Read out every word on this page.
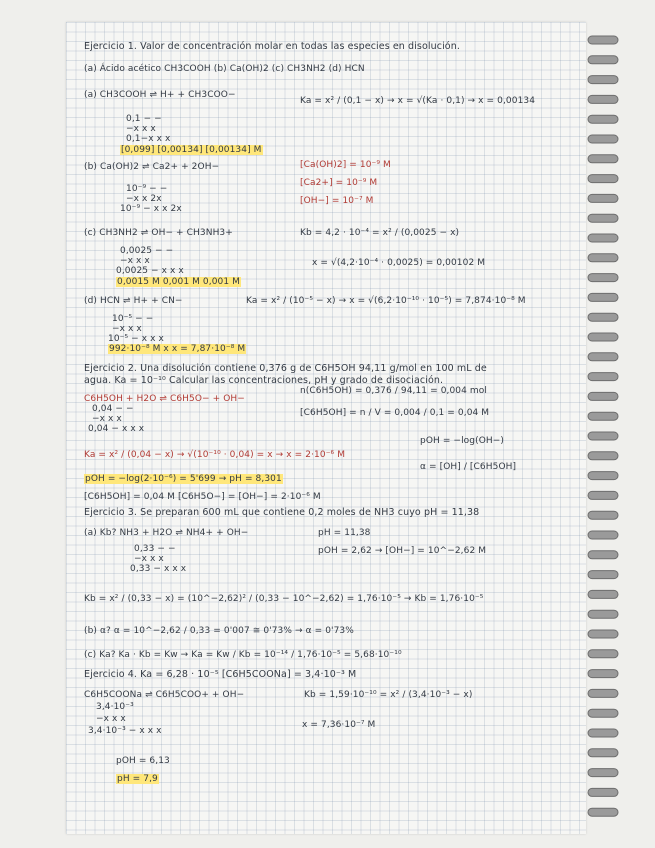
Ejercicio 1. Valor de concentración molar en todas las especies en disolución.
(a) Ácido acético CH3COOH (b) Ca(OH)2 (c) CH3NH2 (d) HCN
(a) CH3COOH ⇌ H+ + CH3COO−
Ka = x² / (0,1 − x) → x = √(Ka · 0,1) → x = 0,00134
0,1 − −
−x x x
0,1−x x x
[0,099] [0,00134] [0,00134] M
(b) Ca(OH)2 ⇌ Ca2+ + 2OH−	[Ca(OH)2] = 10⁻⁹ M
[Ca2+] = 10⁻⁹ M
[OH−] = 10⁻⁷ M
10⁻⁹ − −
−x x 2x
10⁻⁹ − x x 2x
(c) CH3NH2 ⇌ OH− + CH3NH3+	Kb = 4,2 · 10⁻⁴ = x² / (0,0025 − x)
0,0025 − −
−x x x
0,0025 − x x x
x = √(4,2·10⁻⁴ · 0,0025) = 0,00102 M
0,0015 M 0,001 M 0,001 M
(d) HCN ⇌ H+ + CN−	Ka = x² / (10⁻⁵ − x) → x = √(6,2·10⁻¹⁰ · 10⁻⁵) = 7,874·10⁻⁸ M
10⁻⁵ − −
−x x x
10⁻⁵ − x x x
992·10⁻⁸ M x x = 7,87·10⁻⁸ M
Ejercicio 2. Una disolución contiene 0,376 g de C6H5OH 94,11 g/mol en 100 mL de
agua. Ka = 10⁻¹⁰ Calcular las concentraciones, pH y grado de disociación.
C6H5OH + H2O ⇌ C6H5O− + OH−
n(C6H5OH) = 0,376 / 94,11 = 0,004 mol
0,04 − −
−x x x
0,04 − x x x
[C6H5OH] = n / V = 0,004 / 0,1 = 0,04 M
Ka = x² / (0,04 − x) → √(10⁻¹⁰ · 0,04) = x → x = 2·10⁻⁶ M
pOH = −log(OH−)
pOH = −log(2·10⁻⁶) = 5'699 → pH = 8,301
α = [OH] / [C6H5OH]
[C6H5OH] = 0,04 M [C6H5O−] = [OH−] = 2·10⁻⁶ M
Ejercicio 3. Se preparan 600 mL que contiene 0,2 moles de NH3 cuyo pH = 11,38
(a) Kb? NH3 + H2O ⇌ NH4+ + OH−	pH = 11,38
pOH = 2,62 → [OH−] = 10^−2,62 M
0,33 − −
−x x x
0,33 − x x x
Kb = x² / (0,33 − x) = (10^−2,62)² / (0,33 − 10^−2,62) = 1,76·10⁻⁵ → Kb = 1,76·10⁻⁵
(b) α? α = 10^−2,62 / 0,33 = 0'007 ≅ 0'73% → α = 0'73%
(c) Ka? Ka · Kb = Kw → Ka = Kw / Kb = 10⁻¹⁴ / 1,76·10⁻⁵ = 5,68·10⁻¹⁰
Ejercicio 4. Ka = 6,28 · 10⁻⁵ [C6H5COONa] = 3,4·10⁻³ M
C6H5COONa ⇌ C6H5COO+ + OH−	Kb = 1,59·10⁻¹⁰ = x² / (3,4·10⁻³ − x)
3,4·10⁻³
−x x x
3,4·10⁻³ − x x x
x = 7,36·10⁻⁷ M
pOH = 6,13
pH = 7,9
